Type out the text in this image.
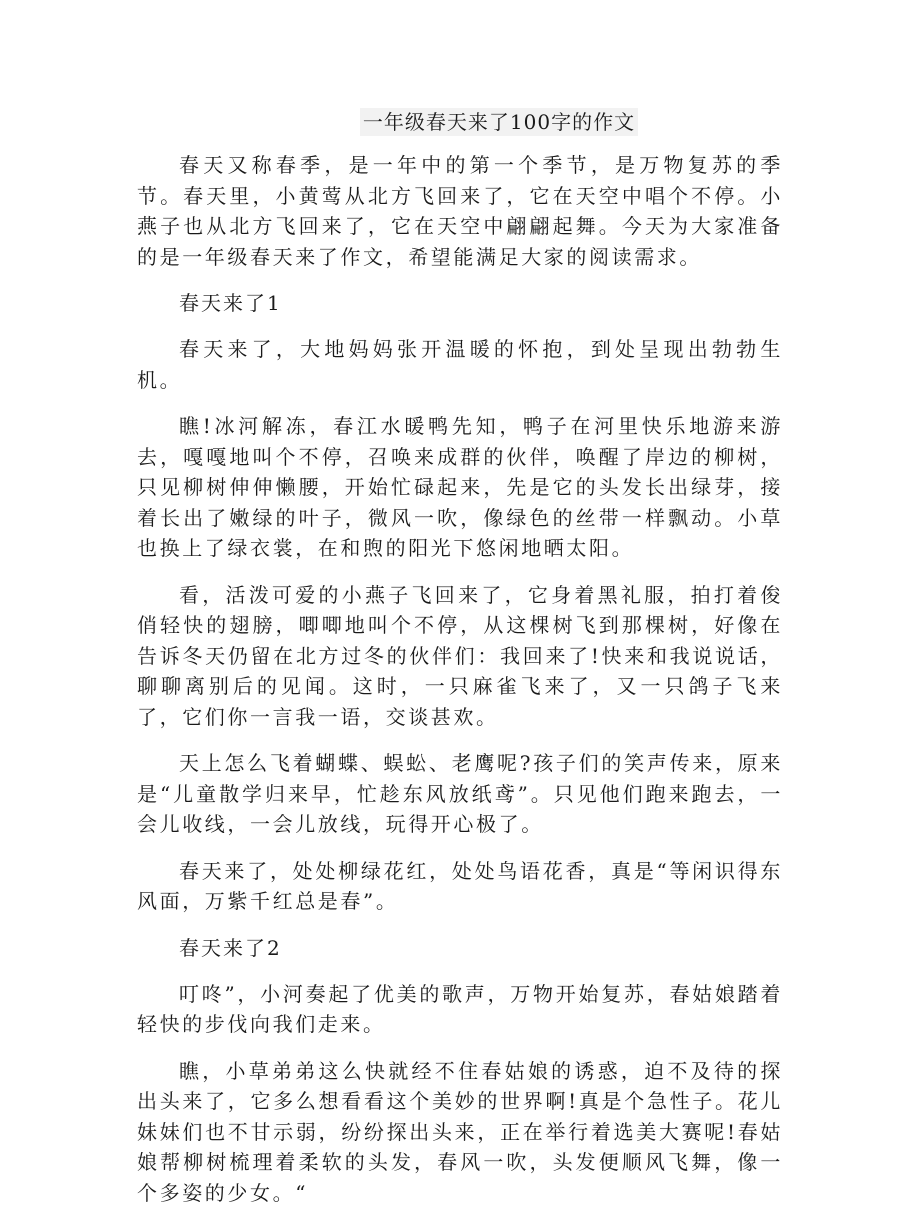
一年级春天来了100字的作文

春天又称春季，是一年中的第一个季节，是万物复苏的季节。春天里，小黄莺从北方飞回来了，它在天空中唱个不停。小燕子也从北方飞回来了，它在天空中翩翩起舞。今天为大家准备的是一年级春天来了作文，希望能满足大家的阅读需求。

春天来了1

春天来了，大地妈妈张开温暖的怀抱，到处呈现出勃勃生机。

瞧!冰河解冻，春江水暖鸭先知，鸭子在河里快乐地游来游去，嘎嘎地叫个不停，召唤来成群的伙伴，唤醒了岸边的柳树，只见柳树伸伸懒腰，开始忙碌起来，先是它的头发长出绿芽，接着长出了嫩绿的叶子，微风一吹，像绿色的丝带一样飘动。小草也换上了绿衣裳，在和煦的阳光下悠闲地晒太阳。

看，活泼可爱的小燕子飞回来了，它身着黑礼服，拍打着俊俏轻快的翅膀，唧唧地叫个不停，从这棵树飞到那棵树，好像在告诉冬天仍留在北方过冬的伙伴们：我回来了!快来和我说说话，聊聊离别后的见闻。这时，一只麻雀飞来了，又一只鸽子飞来了，它们你一言我一语，交谈甚欢。

天上怎么飞着蝴蝶、蜈蚣、老鹰呢?孩子们的笑声传来，原来是“儿童散学归来早，忙趁东风放纸鸢”。只见他们跑来跑去，一会儿收线，一会儿放线，玩得开心极了。

春天来了，处处柳绿花红，处处鸟语花香，真是“等闲识得东风面，万紫千红总是春”。

春天来了2

叮咚”，小河奏起了优美的歌声，万物开始复苏，春姑娘踏着轻快的步伐向我们走来。

瞧，小草弟弟这么快就经不住春姑娘的诱惑，迫不及待的探出头来了，它多么想看看这个美妙的世界啊!真是个急性子。花儿妹妹们也不甘示弱，纷纷探出头来，正在举行着选美大赛呢!春姑娘帮柳树梳理着柔软的头发，春风一吹，头发便顺风飞舞，像一个多姿的少女。“
